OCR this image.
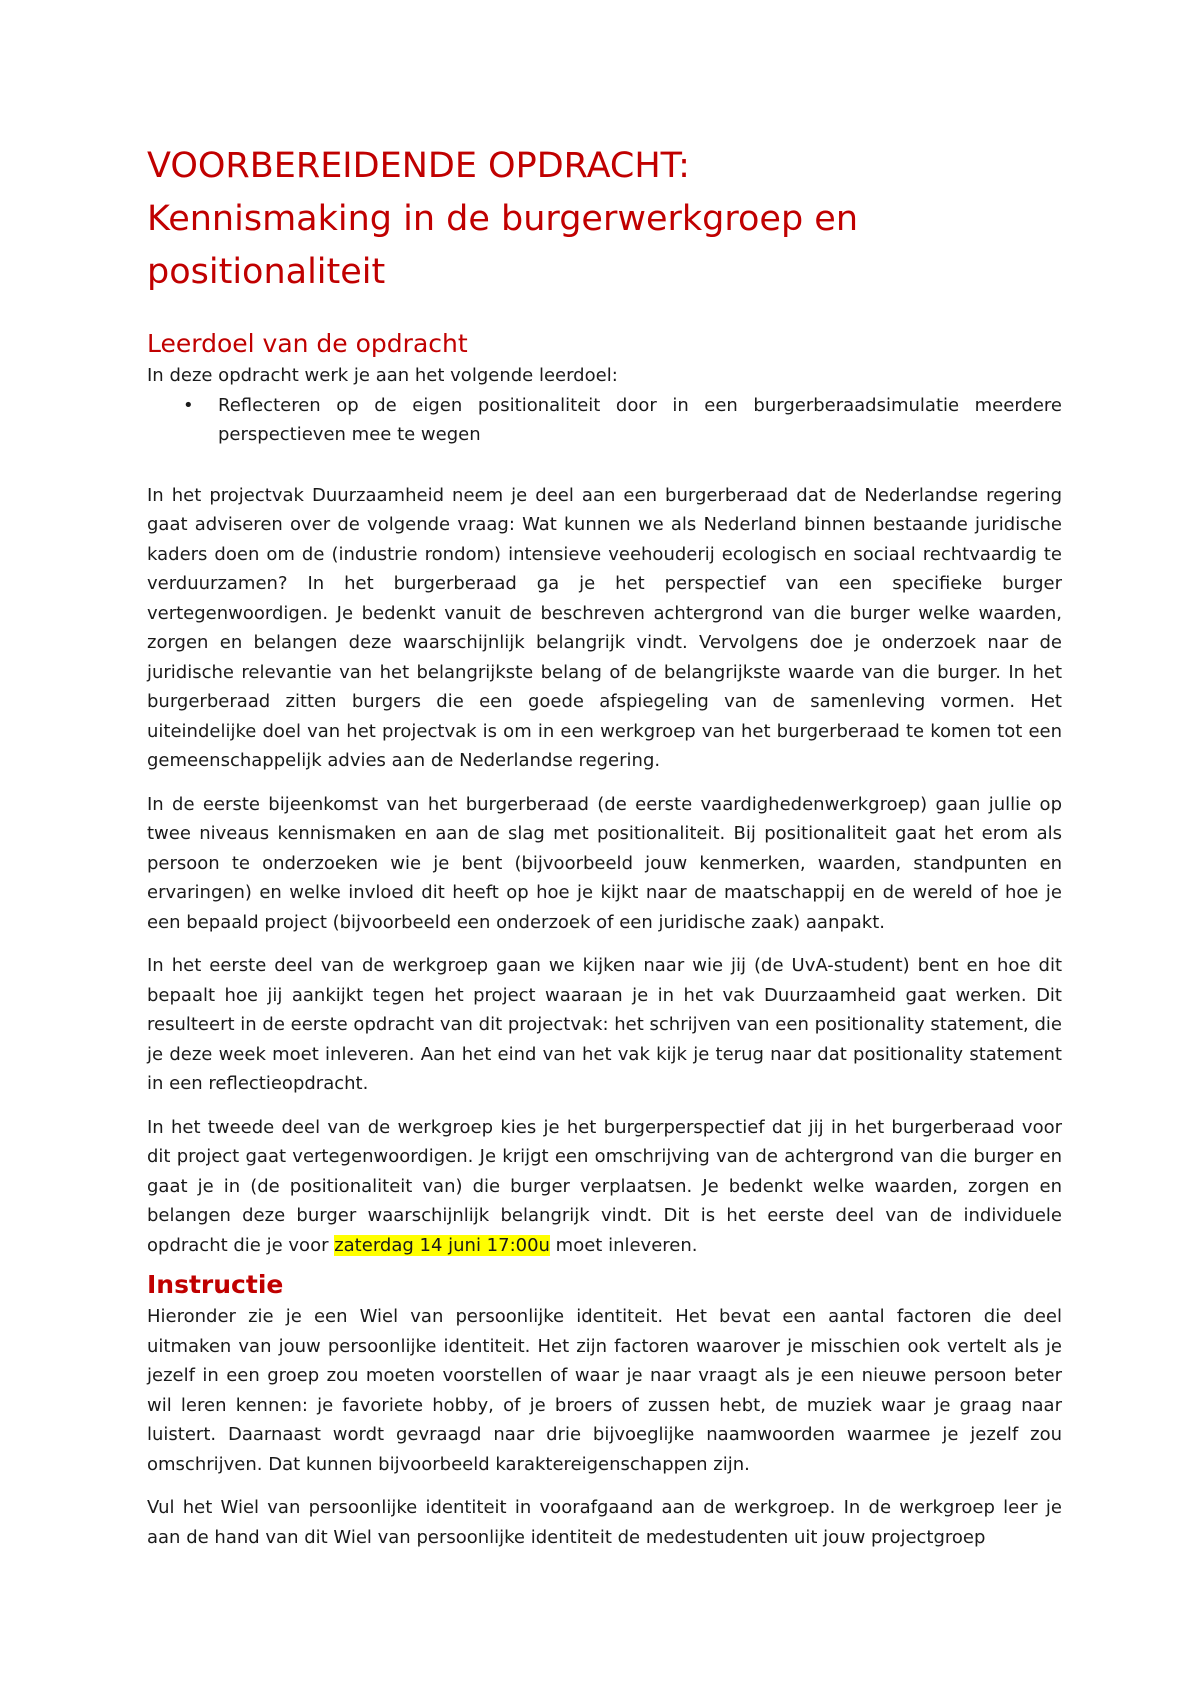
VOORBEREIDENDE OPDRACHT:
Kennismaking in de burgerwerkgroep en
positionaliteit
Leerdoel van de opdracht

In deze opdracht werk je aan het volgende leerdoel:

• Reflecteren op de eigen positionaliteit door in een burgerberaadsimulatie meerdere perspectieven mee te wegen

In het projectvak Duurzaamheid neem je deel aan een burgerberaad dat de Nederlandse regering gaat adviseren over de volgende vraag: Wat kunnen we als Nederland binnen bestaande juridische kaders doen om de (industrie rondom) intensieve veehouderij ecologisch en sociaal rechtvaardig te verduurzamen? In het burgerberaad ga je het perspectief van een specifieke burger vertegenwoordigen. Je bedenkt vanuit de beschreven achtergrond van die burger welke waarden, zorgen en belangen deze waarschijnlijk belangrijk vindt. Vervolgens doe je onderzoek naar de juridische relevantie van het belangrijkste belang of de belangrijkste waarde van die burger. In het burgerberaad zitten burgers die een goede afspiegeling van de samenleving vormen. Het uiteindelijke doel van het projectvak is om in een werkgroep van het burgerberaad te komen tot een gemeenschappelijk advies aan de Nederlandse regering.

In de eerste bijeenkomst van het burgerberaad (de eerste vaardighedenwerkgroep) gaan jullie op twee niveaus kennismaken en aan de slag met positionaliteit. Bij positionaliteit gaat het erom als persoon te onderzoeken wie je bent (bijvoorbeeld jouw kenmerken, waarden, standpunten en ervaringen) en welke invloed dit heeft op hoe je kijkt naar de maatschappij en de wereld of hoe je een bepaald project (bijvoorbeeld een onderzoek of een juridische zaak) aanpakt.

In het eerste deel van de werkgroep gaan we kijken naar wie jij (de UvA-student) bent en hoe dit bepaalt hoe jij aankijkt tegen het project waaraan je in het vak Duurzaamheid gaat werken. Dit resulteert in de eerste opdracht van dit projectvak: het schrijven van een positionality statement, die je deze week moet inleveren. Aan het eind van het vak kijk je terug naar dat positionality statement in een reflectieopdracht.

In het tweede deel van de werkgroep kies je het burgerperspectief dat jij in het burgerberaad voor dit project gaat vertegenwoordigen. Je krijgt een omschrijving van de achtergrond van die burger en gaat je in (de positionaliteit van) die burger verplaatsen. Je bedenkt welke waarden, zorgen en belangen deze burger waarschijnlijk belangrijk vindt. Dit is het eerste deel van de individuele opdracht die je voor zaterdag 14 juni 17:00u moet inleveren.

Instructie

Hieronder zie je een Wiel van persoonlijke identiteit. Het bevat een aantal factoren die deel uitmaken van jouw persoonlijke identiteit. Het zijn factoren waarover je misschien ook vertelt als je jezelf in een groep zou moeten voorstellen of waar je naar vraagt als je een nieuwe persoon beter wil leren kennen: je favoriete hobby, of je broers of zussen hebt, de muziek waar je graag naar luistert. Daarnaast wordt gevraagd naar drie bijvoeglijke naamwoorden waarmee je jezelf zou omschrijven. Dat kunnen bijvoorbeeld karaktereigenschappen zijn.

Vul het Wiel van persoonlijke identiteit in voorafgaand aan de werkgroep. In de werkgroep leer je aan de hand van dit Wiel van persoonlijke identiteit de medestudenten uit jouw projectgroep
